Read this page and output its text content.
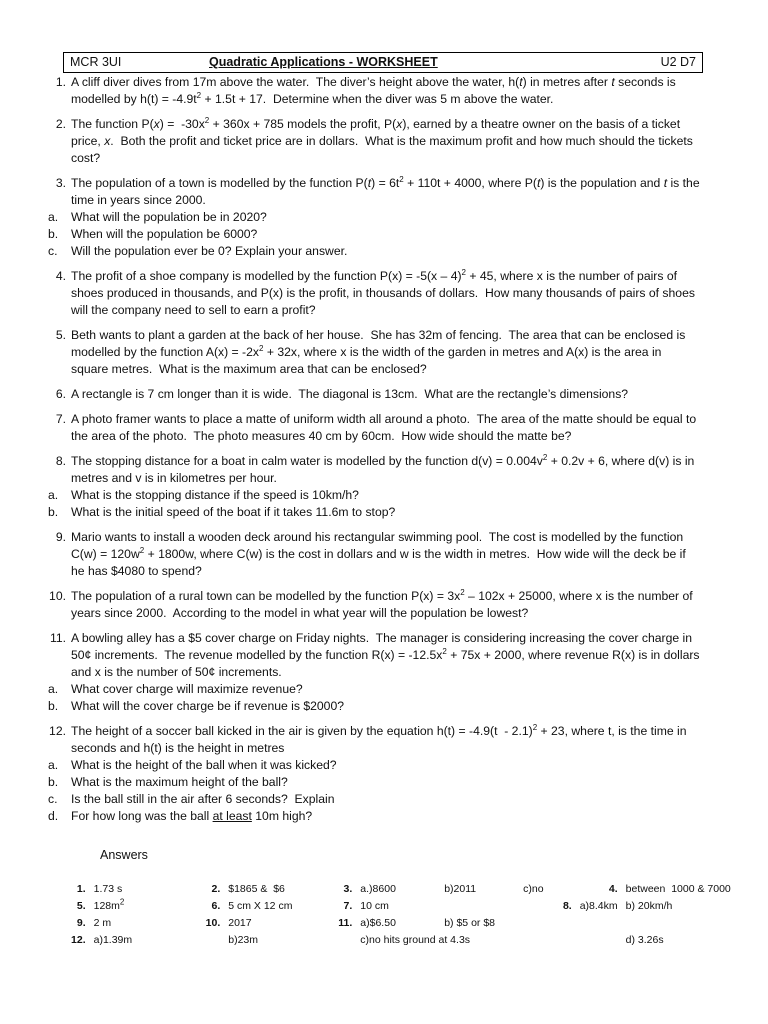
MCR 3UI	Quadratic Applications - WORKSHEET	U2 D7
1. A cliff diver dives from 17m above the water.  The diver’s height above the water, h(t) in metres after t seconds is modelled by $h(t) = -4.9t^2 + 1.5t + 17$.  Determine when the diver was 5 m above the water.
2. The function $P(x) = -30x^2 + 360x + 785$ models the profit, P(x), earned by a theatre owner on the basis of a ticket price, x.  Both the profit and ticket price are in dollars.  What is the maximum profit and how much should the tickets cost?
3. The population of a town is modelled by the function $P(t) = 6t^2 + 110t + 4000$, where P(t) is the population and t is the time in years since 2000.
a. What will the population be in 2020?
b. When will the population be 6000?
c. Will the population ever be 0? Explain your answer.
4. The profit of a shoe company is modelled by the function P(x) = -5(x – 4)$^2$ + 45, where x is the number of pairs of shoes produced in thousands, and P(x) is the profit, in thousands of dollars.  How many thousands of pairs of shoes will the company need to sell to earn a profit?
5. Beth wants to plant a garden at the back of her house.  She has 32m of fencing.  The area that can be enclosed is modelled by the function $A(x) = -2x^2 + 32x$, where x is the width of the garden in metres and A(x) is the area in square metres.  What is the maximum area that can be enclosed?
6. A rectangle is 7 cm longer than it is wide.  The diagonal is 13cm.  What are the rectangle’s dimensions?
7. A photo framer wants to place a matte of uniform width all around a photo.  The area of the matte should be equal to the area of the photo.  The photo measures 40 cm by 60cm.  How wide should the matte be?
8. The stopping distance for a boat in calm water is modelled by the function $d(v) = 0.004v^2 + 0.2v + 6$, where d(v) is in metres and v is in kilometres per hour.
a. What is the stopping distance if the speed is 10km/h?
b. What is the initial speed of the boat if it takes 11.6m to stop?
9. Mario wants to install a wooden deck around his rectangular swimming pool.  The cost is modelled by the function $C(w) = 120w^2 + 1800w$, where C(w) is the cost in dollars and w is the width in metres.  How wide will the deck be if he has $4080 to spend?
10. The population of a rural town can be modelled by the function $P(x) = 3x^2 - 102x + 25000$, where x is the number of years since 2000.  According to the model in what year will the population be lowest?
11. A bowling alley has a $5 cover charge on Friday nights.  The manager is considering increasing the cover charge in 50¢ increments.  The revenue modelled by the function $R(x) = -12.5x^2 + 75x + 2000$, where revenue R(x) is in dollars and x is the number of 50¢ increments.
a. What cover charge will maximize revenue?
b. What will the cover charge be if revenue is $2000?
12. The height of a soccer ball kicked in the air is given by the equation h(t) = -4.9(t  - 2.1)$^2$ + 23, where t, is the time in seconds and h(t) is the height in metres
a. What is the height of the ball when it was kicked?
b. What is the maximum height of the ball?
c. Is the ball still in the air after 6 seconds?  Explain
d. For how long was the ball at least 10m high?
Answers
1.	1.73 s	2.	$1865 &  $6	3.	a.)8600	b)2011	c)no	4.	between  1000 & 7000
5.	$128m^2$	6.	5 cm X 12 cm	7.	10 cm		8.	a)8.4km	b) 20km/h
9.	2 m	10.	2017	11.	a)$6.50	b) $5 or $8			
12.	a)1.39m		b)23m		c)no hits ground at 4.3s				d) 3.26s
